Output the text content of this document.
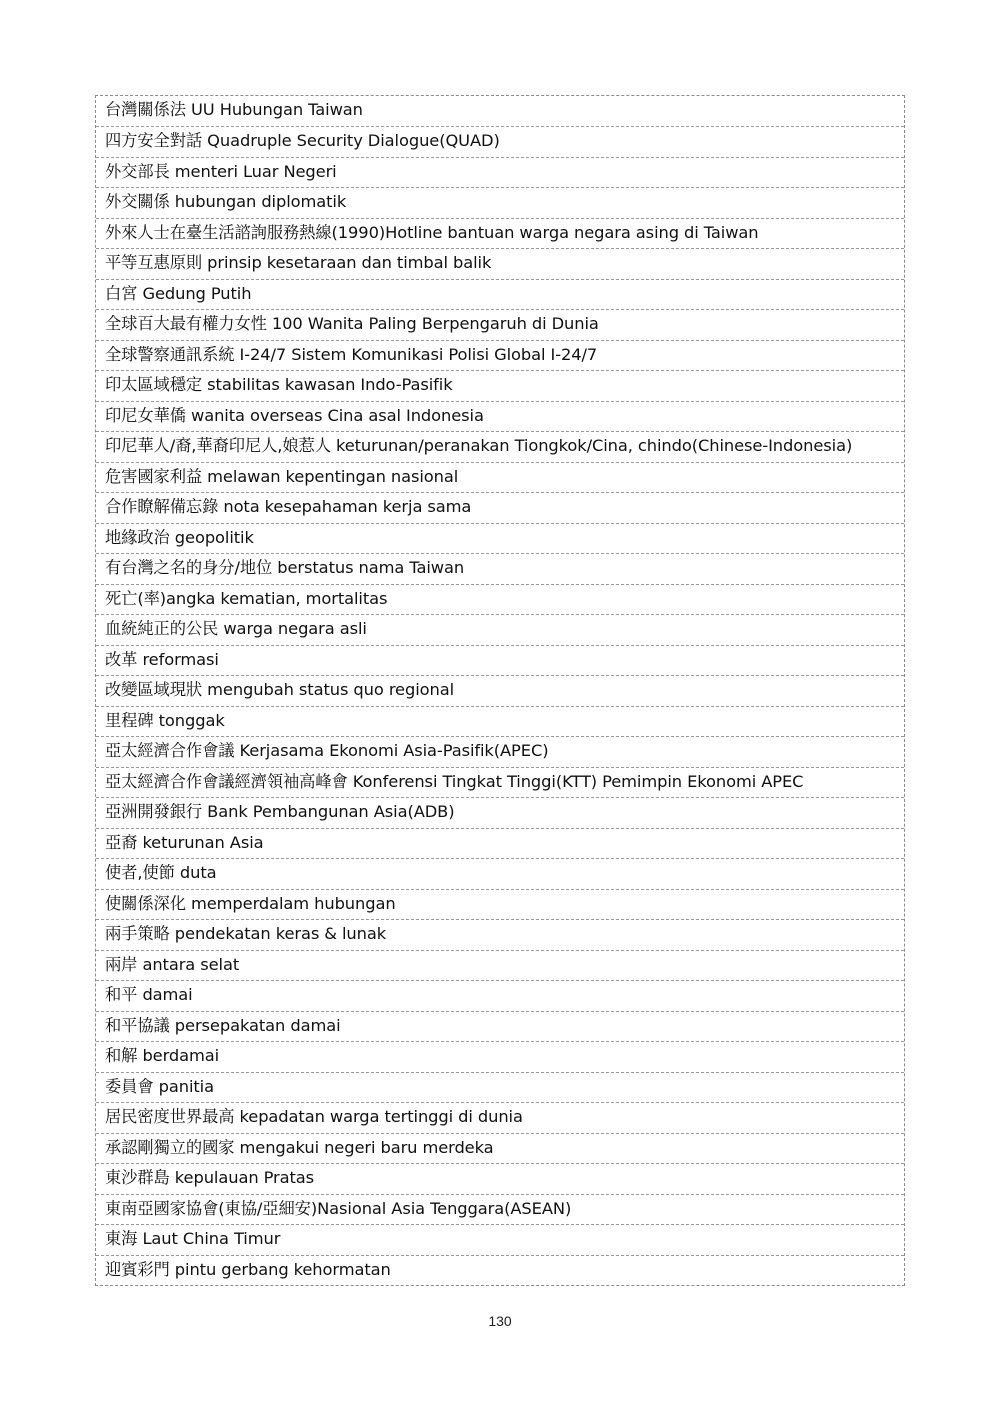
台灣關係法 UU Hubungan Taiwan
四方安全對話 Quadruple Security Dialogue(QUAD)
外交部長 menteri Luar Negeri
外交關係 hubungan diplomatik
外來人士在臺生活諮詢服務熱線(1990)Hotline bantuan warga negara asing di Taiwan
平等互惠原則 prinsip kesetaraan dan timbal balik
白宮 Gedung Putih
全球百大最有權力女性 100 Wanita Paling Berpengaruh di Dunia
全球警察通訊系統 I-24/7 Sistem Komunikasi Polisi Global I-24/7
印太區域穩定 stabilitas kawasan Indo-Pasifik
印尼女華僑 wanita overseas Cina asal Indonesia
印尼華人/裔,華裔印尼人,娘惹人 keturunan/peranakan Tiongkok/Cina, chindo(Chinese-Indonesia)
危害國家利益 melawan kepentingan nasional
合作瞭解備忘錄 nota kesepahaman kerja sama
地緣政治 geopolitik
有台灣之名的身分/地位 berstatus nama Taiwan
死亡(率)angka kematian, mortalitas
血統純正的公民 warga negara asli
改革 reformasi
改變區域現狀 mengubah status quo regional
里程碑 tonggak
亞太經濟合作會議 Kerjasama Ekonomi Asia-Pasifik(APEC)
亞太經濟合作會議經濟領袖高峰會 Konferensi Tingkat Tinggi(KTT) Pemimpin Ekonomi APEC
亞洲開發銀行 Bank Pembangunan Asia(ADB)
亞裔 keturunan Asia
使者,使節 duta
使關係深化 memperdalam hubungan
兩手策略 pendekatan keras & lunak
兩岸 antara selat
和平 damai
和平協議 persepakatan damai
和解 berdamai
委員會 panitia
居民密度世界最高 kepadatan warga tertinggi di dunia
承認剛獨立的國家 mengakui negeri baru merdeka
東沙群島 kepulauan Pratas
東南亞國家協會(東協/亞細安)Nasional Asia Tenggara(ASEAN)
東海 Laut China Timur
迎賓彩門 pintu gerbang kehormatan
130
